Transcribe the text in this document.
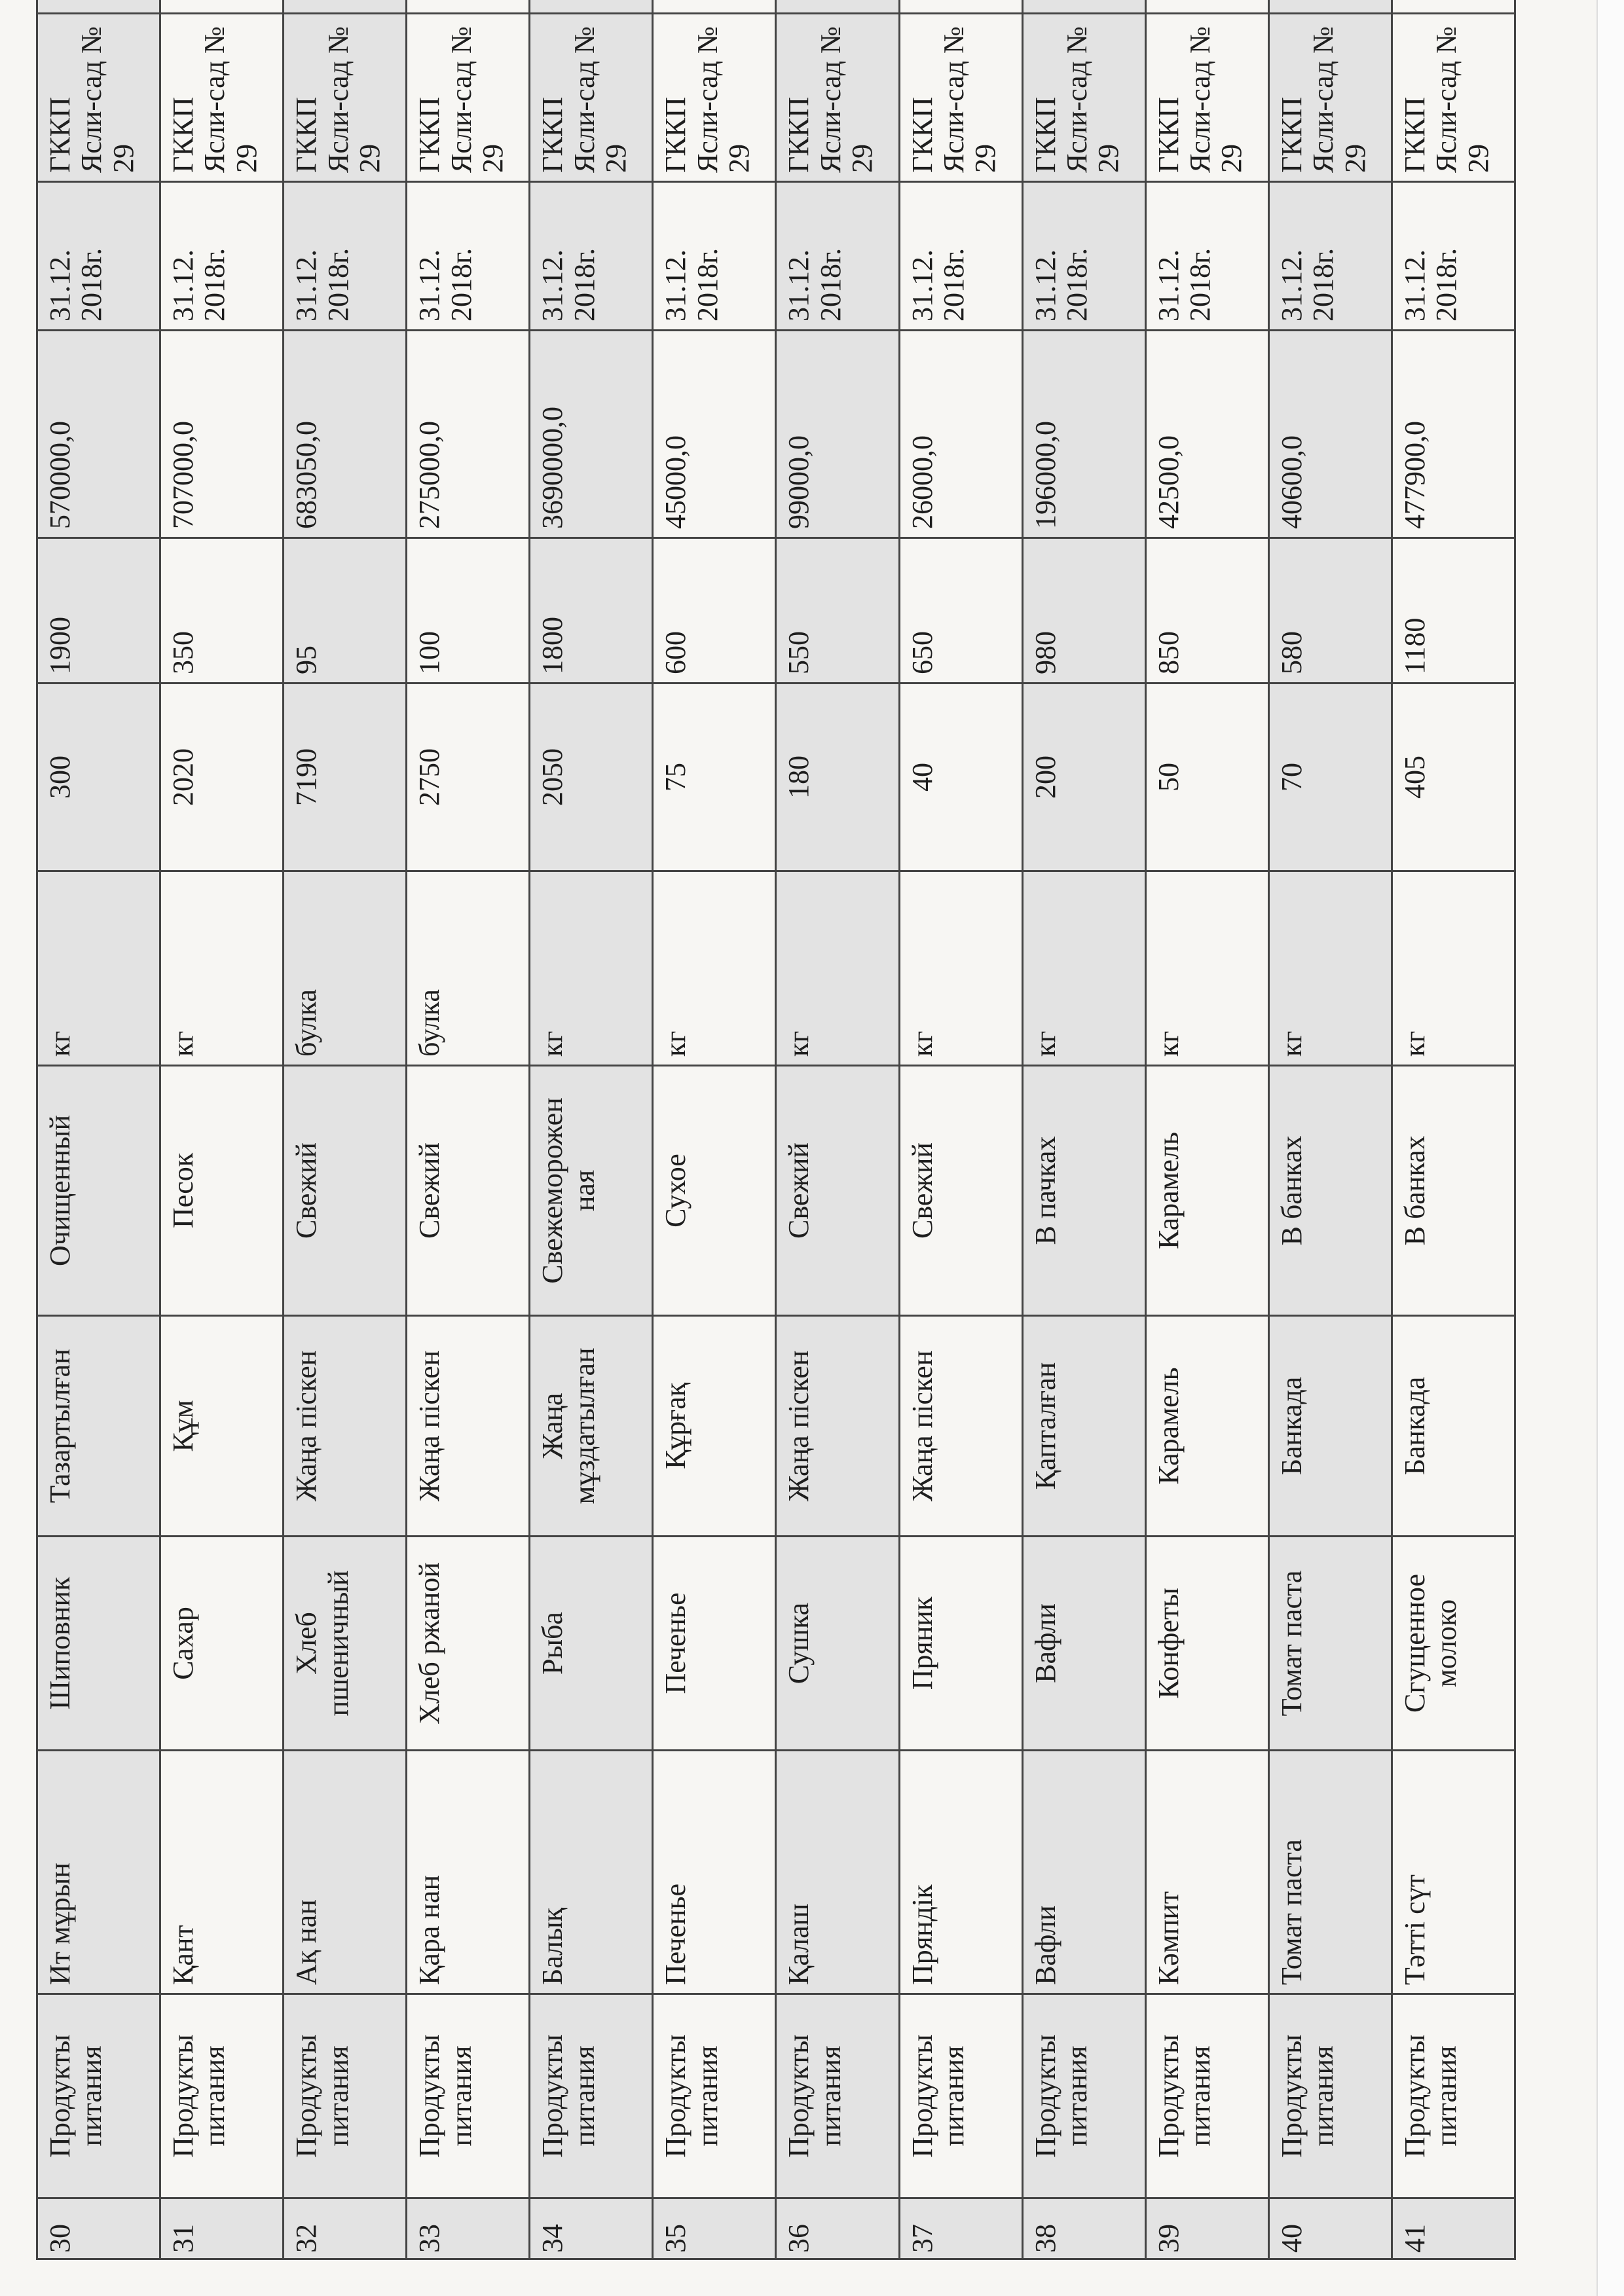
30	Продукты питания	Ит мұрын	Шиповник	Тазартылған	Очищенный	кг	300	1900	570000,0	31.12. 2018г.	ГККП Ясли-сад № 29	
31	Продукты питания	Қант	Сахар	Құм	Песок	кг	2020	350	707000,0	31.12. 2018г.	ГККП Ясли-сад № 29	
32	Продукты питания	Ақ нан	Хлеб пшеничный	Жаңа піскен	Свежий	булка	7190	95	683050,0	31.12. 2018г.	ГККП Ясли-сад № 29	
33	Продукты питания	Қара нан	Хлеб ржаной	Жаңа піскен	Свежий	булка	2750	100	275000,0	31.12. 2018г.	ГККП Ясли-сад № 29	
34	Продукты питания	Балық	Рыба	Жаңа мұздатылған	Свежеморожен ная	кг	2050	1800	3690000,0	31.12. 2018г.	ГККП Ясли-сад № 29	
35	Продукты питания	Печенье	Печенье	Құрғақ	Сухое	кг	75	600	45000,0	31.12. 2018г.	ГККП Ясли-сад № 29	
36	Продукты питания	Қалаш	Сушка	Жаңа піскен	Свежий	кг	180	550	99000,0	31.12. 2018г.	ГККП Ясли-сад № 29	
37	Продукты питания	Пряндік	Пряник	Жаңа піскен	Свежий	кг	40	650	26000,0	31.12. 2018г.	ГККП Ясли-сад № 29	
38	Продукты питания	Вафли	Вафли	Қапталған	В пачках	кг	200	980	196000,0	31.12. 2018г.	ГККП Ясли-сад № 29	
39	Продукты питания	Кәмпит	Конфеты	Карамель	Карамель	кг	50	850	42500,0	31.12. 2018г.	ГККП Ясли-сад № 29	
40	Продукты питания	Томат паста	Томат паста	Банкада	В банках	кг	70	580	40600,0	31.12. 2018г.	ГККП Ясли-сад № 29	
41	Продукты питания	Тәтті сүт	Сгущенное молоко	Банкада	В банках	кг	405	1180	477900,0	31.12. 2018г.	ГККП Ясли-сад № 29	
